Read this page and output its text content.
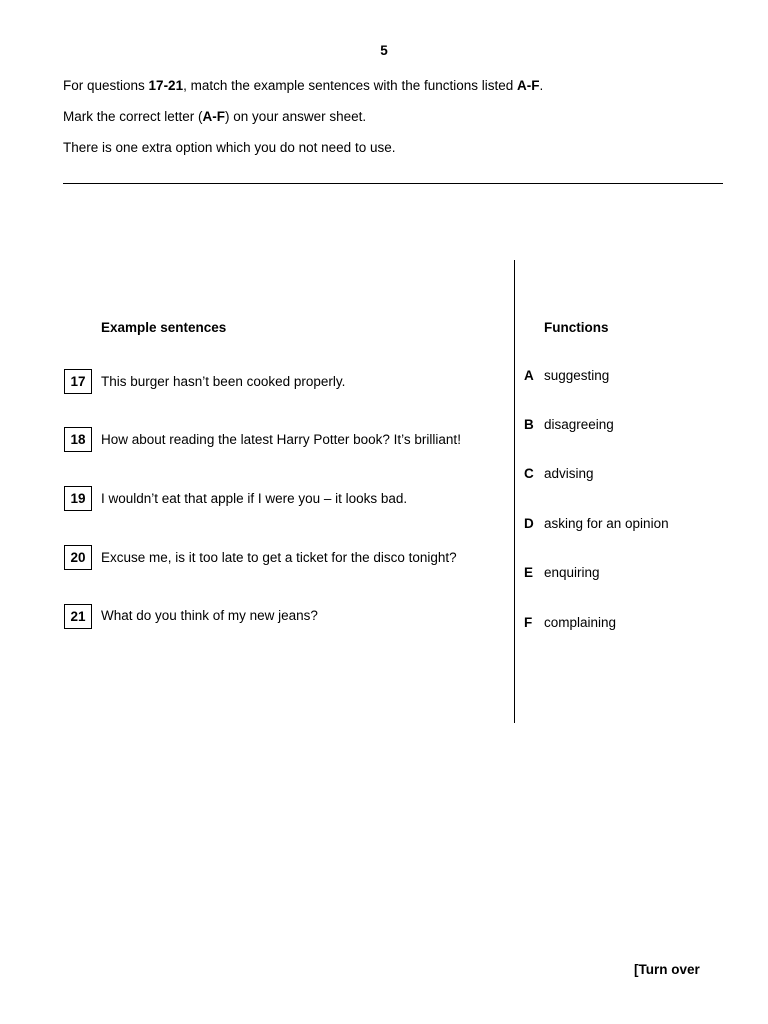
5
For questions 17-21, match the example sentences with the functions listed A-F.
Mark the correct letter (A-F) on your answer sheet.
There is one extra option which you do not need to use.
Example sentences	Functions
17	This burger hasn’t been cooked properly.
18	How about reading the latest Harry Potter book? It’s brilliant!
19	I wouldn’t eat that apple if I were you – it looks bad.
20	Excuse me, is it too late to get a ticket for the disco tonight?
21	What do you think of my new jeans?
A suggesting
B disagreeing
C advising
D asking for an opinion
E enquiring
F complaining
[Turn over
